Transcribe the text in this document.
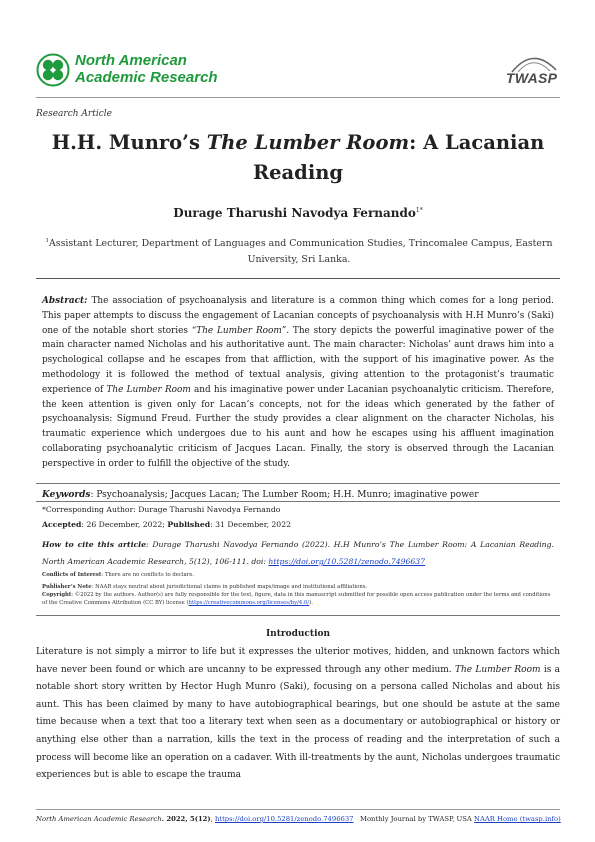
North American
Academic Research	TWASP
Research Article
H.H. Munro’s The Lumber Room: A Lacanian Reading
Durage Tharushi Navodya Fernando$^{1*}$
$^1$Assistant Lecturer, Department of Languages and Communication Studies, Trincomalee Campus, Eastern University, Sri Lanka.
Abstract: The association of psychoanalysis and literature is a common thing which comes for a long period. This paper attempts to discuss the engagement of Lacanian concepts of psychoanalysis with H.H Munro’s (Saki) one of the notable short stories “The Lumber Room”. The story depicts the powerful imaginative power of the main character named Nicholas and his authoritative aunt. The main character: Nicholas’ aunt draws him into a psychological collapse and he escapes from that affliction, with the support of his imaginative power. As the methodology it is followed the method of textual analysis, giving attention to the protagonist’s traumatic experience of The Lumber Room and his imaginative power under Lacanian psychoanalytic criticism. Therefore, the keen attention is given only for Lacan’s concepts, not for the ideas which generated by the father of psychoanalysis: Sigmund Freud. Further the study provides a clear alignment on the character Nicholas, his traumatic experience which undergoes due to his aunt and how he escapes using his affluent imagination collaborating psychoanalytic criticism of Jacques Lacan. Finally, the story is observed through the Lacanian perspective in order to fulfill the objective of the study.
Keywords: Psychoanalysis; Jacques Lacan; The Lumber Room; H.H. Munro; imaginative power
*Corresponding Author: Durage Tharushi Navodya Fernando
Accepted: 26 December, 2022; Published: 31 December, 2022
How to cite this article: Durage Tharushi Navodya Fernando (2022). H.H Munro’s The Lumber Room: A Lacanian Reading. North American Academic Research, 5(12), 106-111. doi: https://doi.org/10.5281/zenodo.7496637
Conflicts of Interest: There are no conflicts to declare.
Publisher’s Note: NAAR stays neutral about jurisdictional claims in published maps/image and institutional affiliations.
Copyright: ©2022 by the authors. Author(s) are fully responsible for the text, figure, data in this manuscript submitted for possible open access publication under the terms and conditions of the Creative Commons Attribution (CC BY) license (https://creativecommons.org/licenses/by/4.0/).
Introduction
Literature is not simply a mirror to life but it expresses the ulterior motives, hidden, and unknown factors which have never been found or which are uncanny to be expressed through any other medium. The Lumber Room is a notable short story written by Hector Hugh Munro (Saki), focusing on a persona called Nicholas and about his aunt. This has been claimed by many to have autobiographical bearings, but one should be astute at the same time because when a text that too a literary text when seen as a documentary or autobiographical or history or anything else other than a narration, kills the text in the process of reading and the interpretation of such a process will become like an operation on a cadaver. With ill-treatments by the aunt, Nicholas undergoes traumatic experiences but is able to escape the trauma
North American Academic Research. 2022, 5(12), https://doi.org/10.5281/zenodo.7496637 Monthly Journal by TWASP, USA NAAR Home (twasp.info)
